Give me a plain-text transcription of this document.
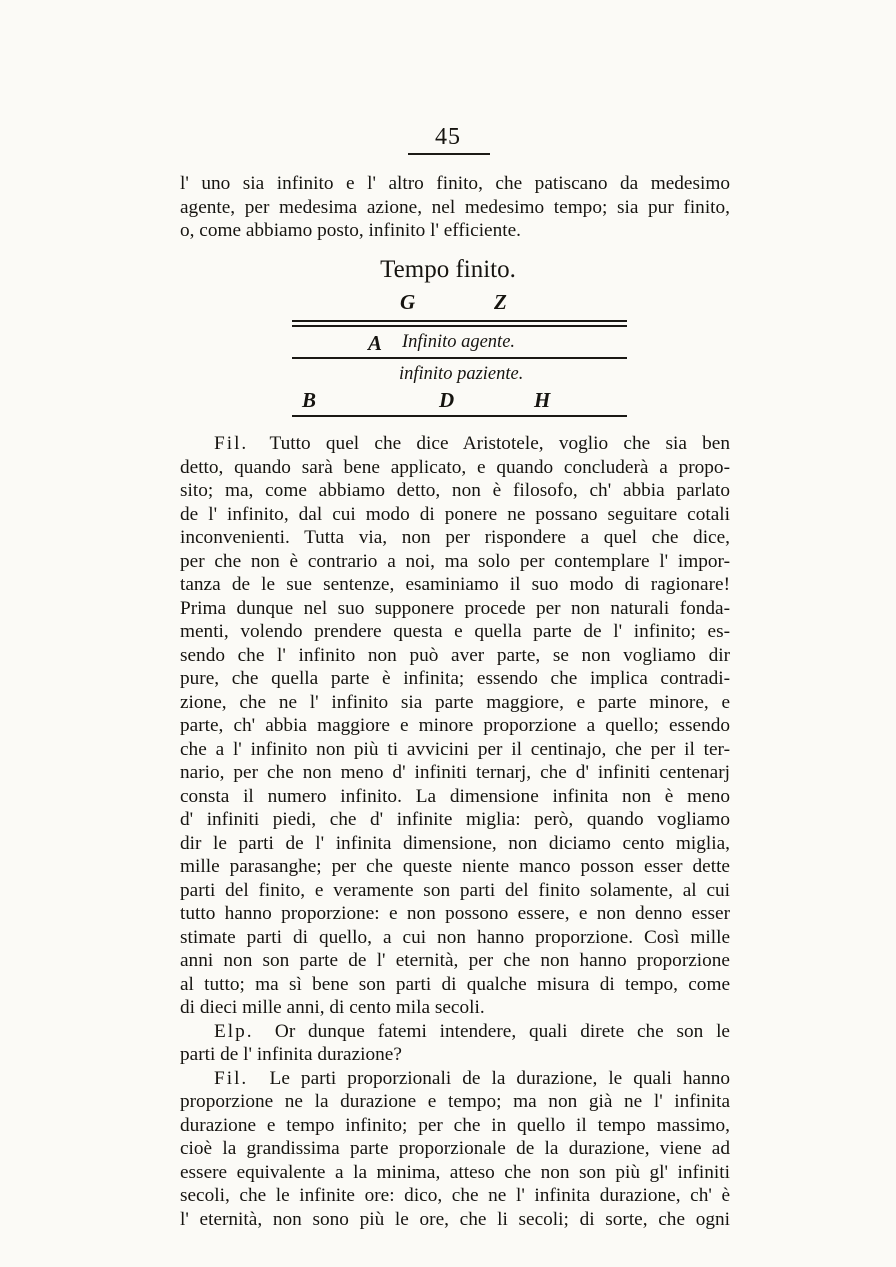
45
l' uno sia infinito e l' altro finito, che patiscano da medesimo
agente, per medesima azione, nel medesimo tempo; sia pur finito,
o, come abbiamo posto, infinito l' efficiente.
Tempo finito.
G	Z
A Infinito agente.
infinito paziente.
B	D	H
Fil. Tutto quel che dice Aristotele, voglio che sia ben
detto, quando sarà bene applicato, e quando concluderà a propo-
sito; ma, come abbiamo detto, non è filosofo, ch' abbia parlato
de l' infinito, dal cui modo di ponere ne possano seguitare cotali
inconvenienti. Tutta via, non per rispondere a quel che dice,
per che non è contrario a noi, ma solo per contemplare l' impor-
tanza de le sue sentenze, esaminiamo il suo modo di ragionare!
Prima dunque nel suo supponere procede per non naturali fonda-
menti, volendo prendere questa e quella parte de l' infinito; es-
sendo che l' infinito non può aver parte, se non vogliamo dir
pure, che quella parte è infinita; essendo che implica contradi-
zione, che ne l' infinito sia parte maggiore, e parte minore, e
parte, ch' abbia maggiore e minore proporzione a quello; essendo
che a l' infinito non più ti avvicini per il centinajo, che per il ter-
nario, per che non meno d' infiniti ternarj, che d' infiniti centenarj
consta il numero infinito. La dimensione infinita non è meno
d' infiniti piedi, che d' infinite miglia: però, quando vogliamo
dir le parti de l' infinita dimensione, non diciamo cento miglia,
mille parasanghe; per che queste niente manco posson esser dette
parti del finito, e veramente son parti del finito solamente, al cui
tutto hanno proporzione: e non possono essere, e non denno esser
stimate parti di quello, a cui non hanno proporzione. Così mille
anni non son parte de l' eternità, per che non hanno proporzione
al tutto; ma sì bene son parti di qualche misura di tempo, come
di dieci mille anni, di cento mila secoli.
Elp. Or dunque fatemi intendere, quali direte che son le
parti de l' infinita durazione?
Fil. Le parti proporzionali de la durazione, le quali hanno
proporzione ne la durazione e tempo; ma non già ne l' infinita
durazione e tempo infinito; per che in quello il tempo massimo,
cioè la grandissima parte proporzionale de la durazione, viene ad
essere equivalente a la minima, atteso che non son più gl' infiniti
secoli, che le infinite ore: dico, che ne l' infinita durazione, ch' è
l' eternità, non sono più le ore, che li secoli; di sorte, che ogni
